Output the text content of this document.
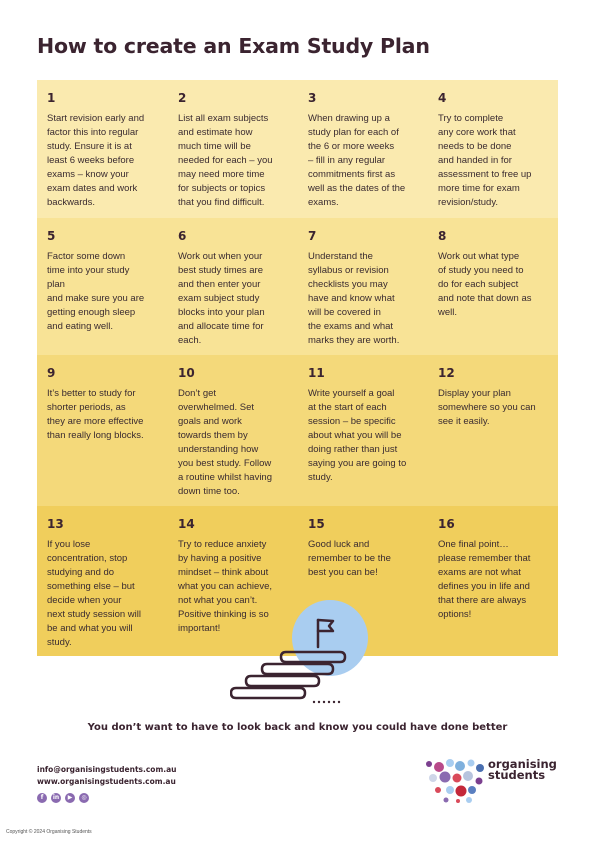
How to create an Exam Study Plan
1
Start revision early and
factor this into regular
study. Ensure it is at
least 6 weeks before
exams – know your
exam dates and work
backwards.
2
List all exam subjects
and estimate how
much time will be
needed for each – you
may need more time
for subjects or topics
that you find difficult.
3
When drawing up a
study plan for each of
the 6 or more weeks
– fill in any regular
commitments first as
well as the dates of the
exams.
4
Try to complete
any core work that
needs to be done
and handed in for
assessment to free up
more time for exam
revision/study.
5
Factor some down
time into your study
plan
and make sure you are
getting enough sleep
and eating well.
6
Work out when your
best study times are
and then enter your
exam subject study
blocks into your plan
and allocate time for
each.
7
Understand the
syllabus or revision
checklists you may
have and know what
will be covered in
the exams and what
marks they are worth.
8
Work out what type
of study you need to
do for each subject
and note that down as
well.
9
It’s better to study for
shorter periods, as
they are more effective
than really long blocks.
10
Don’t get
overwhelmed. Set
goals and work
towards them by
understanding how
you best study. Follow
a routine whilst having
down time too.
11
Write yourself a goal
at the start of each
session – be specific
about what you will be
doing rather than just
saying you are going to
study.
12
Display your plan
somewhere so you can
see it easily.
13
If you lose
concentration, stop
studying and do
something else – but
decide when your
next study session will
be and what you will
study.
14
Try to reduce anxiety
by having a positive
mindset – think about
what you can achieve,
not what you can’t.
Positive thinking is so
important!
15
Good luck and
remember to be the
best you can be!
16
One final point…
please remember that
exams are not what
defines you in life and
that there are always
options!
You don’t want to have to look back and know you could have done better
info@organisingstudents.com.au
www.organisingstudents.com.au
f	in	▶	◎
organising
students
Copyright © 2024 Organising Students
